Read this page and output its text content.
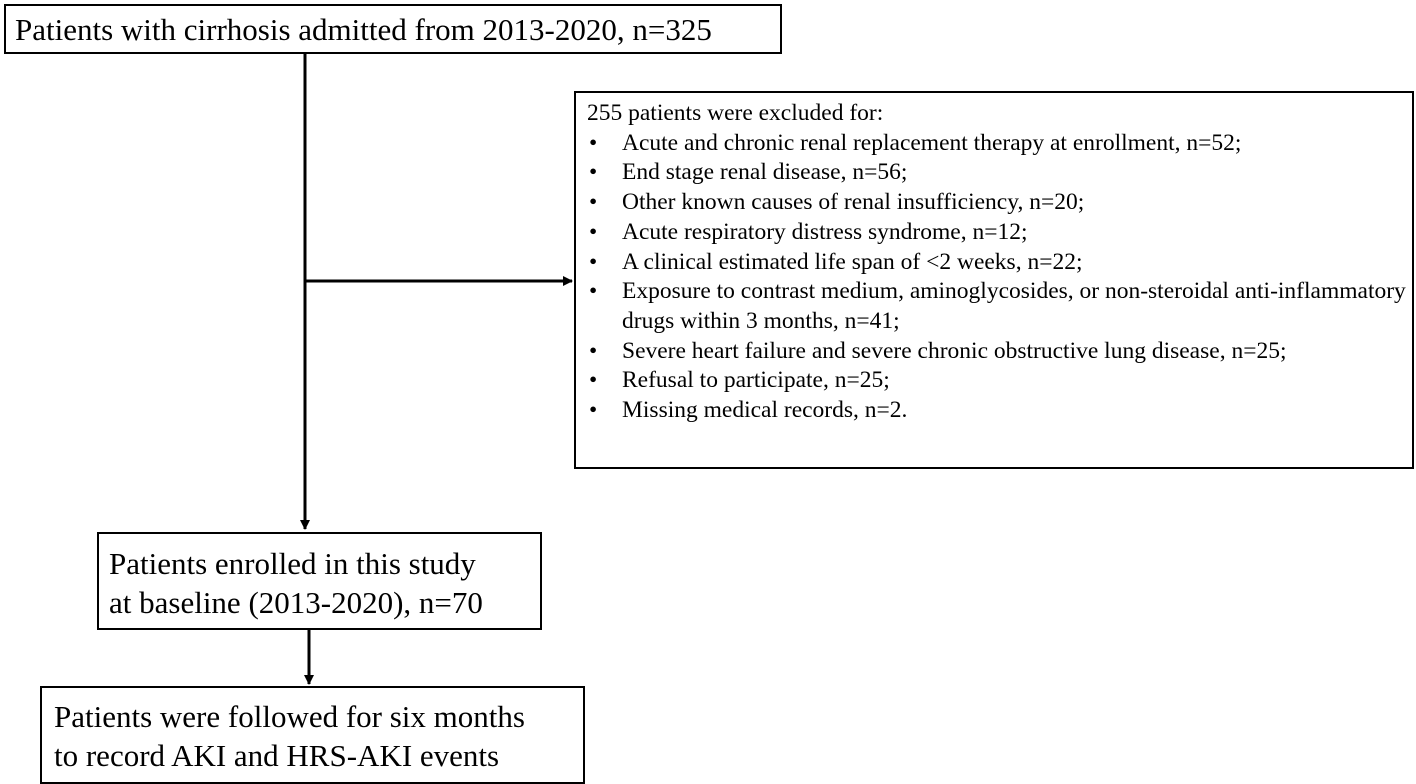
Patients with cirrhosis admitted from 2013-2020, n=325
255 patients were excluded for:
• Acute and chronic renal replacement therapy at enrollment, n=52;
• End stage renal disease, n=56;
• Other known causes of renal insufficiency, n=20;
• Acute respiratory distress syndrome, n=12;
• A clinical estimated life span of <2 weeks, n=22;
• Exposure to contrast medium, aminoglycosides, or non-steroidal anti-inflammatory drugs within 3 months, n=41;
• Severe heart failure and severe chronic obstructive lung disease, n=25;
• Refusal to participate, n=25;
• Missing medical records, n=2.
Patients enrolled in this study
at baseline (2013-2020), n=70
Patients were followed for six months
to record AKI and HRS-AKI events
